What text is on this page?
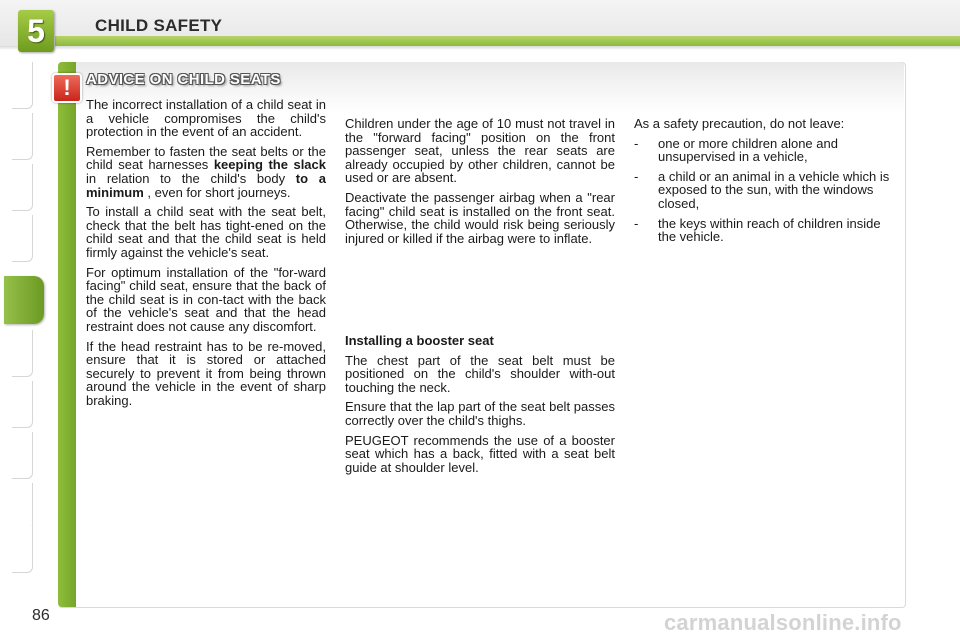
5	CHILD SAFETY
!	ADVICE ON CHILD SEATS

The incorrect installation of a child seat in a vehicle compromises the child's protection in the event of an accident.

Remember to fasten the seat belts or the child seat harnesses keeping the slack in relation to the child's body to a minimum , even for short journeys.

To install a child seat with the seat belt, check that the belt has tight-ened on the child seat and that the child seat is held firmly against the vehicle's seat.

For optimum installation of the "for-ward facing" child seat, ensure that the back of the child seat is in con-tact with the back of the vehicle's seat and that the head restraint does not cause any discomfort.

If the head restraint has to be re-moved, ensure that it is stored or attached securely to prevent it from being thrown around the vehicle in the event of sharp braking.

Children under the age of 10 must not travel in the "forward facing" position on the front passenger seat, unless the rear seats are already occupied by other children, cannot be used or are absent.

Deactivate the passenger airbag when a "rear facing" child seat is installed on the front seat. Otherwise, the child would risk being seriously injured or killed if the airbag were to inflate.

Installing a booster seat

The chest part of the seat belt must be positioned on the child's shoulder with-out touching the neck.

Ensure that the lap part of the seat belt passes correctly over the child's thighs.

PEUGEOT recommends the use of a booster seat which has a back, fitted with a seat belt guide at shoulder level.

As a safety precaution, do not leave:

-	one or more children alone and unsupervised in a vehicle,
-	a child or an animal in a vehicle which is exposed to the sun, with the windows closed,
-	the keys within reach of children inside the vehicle.
86	carmanualsonline.info
